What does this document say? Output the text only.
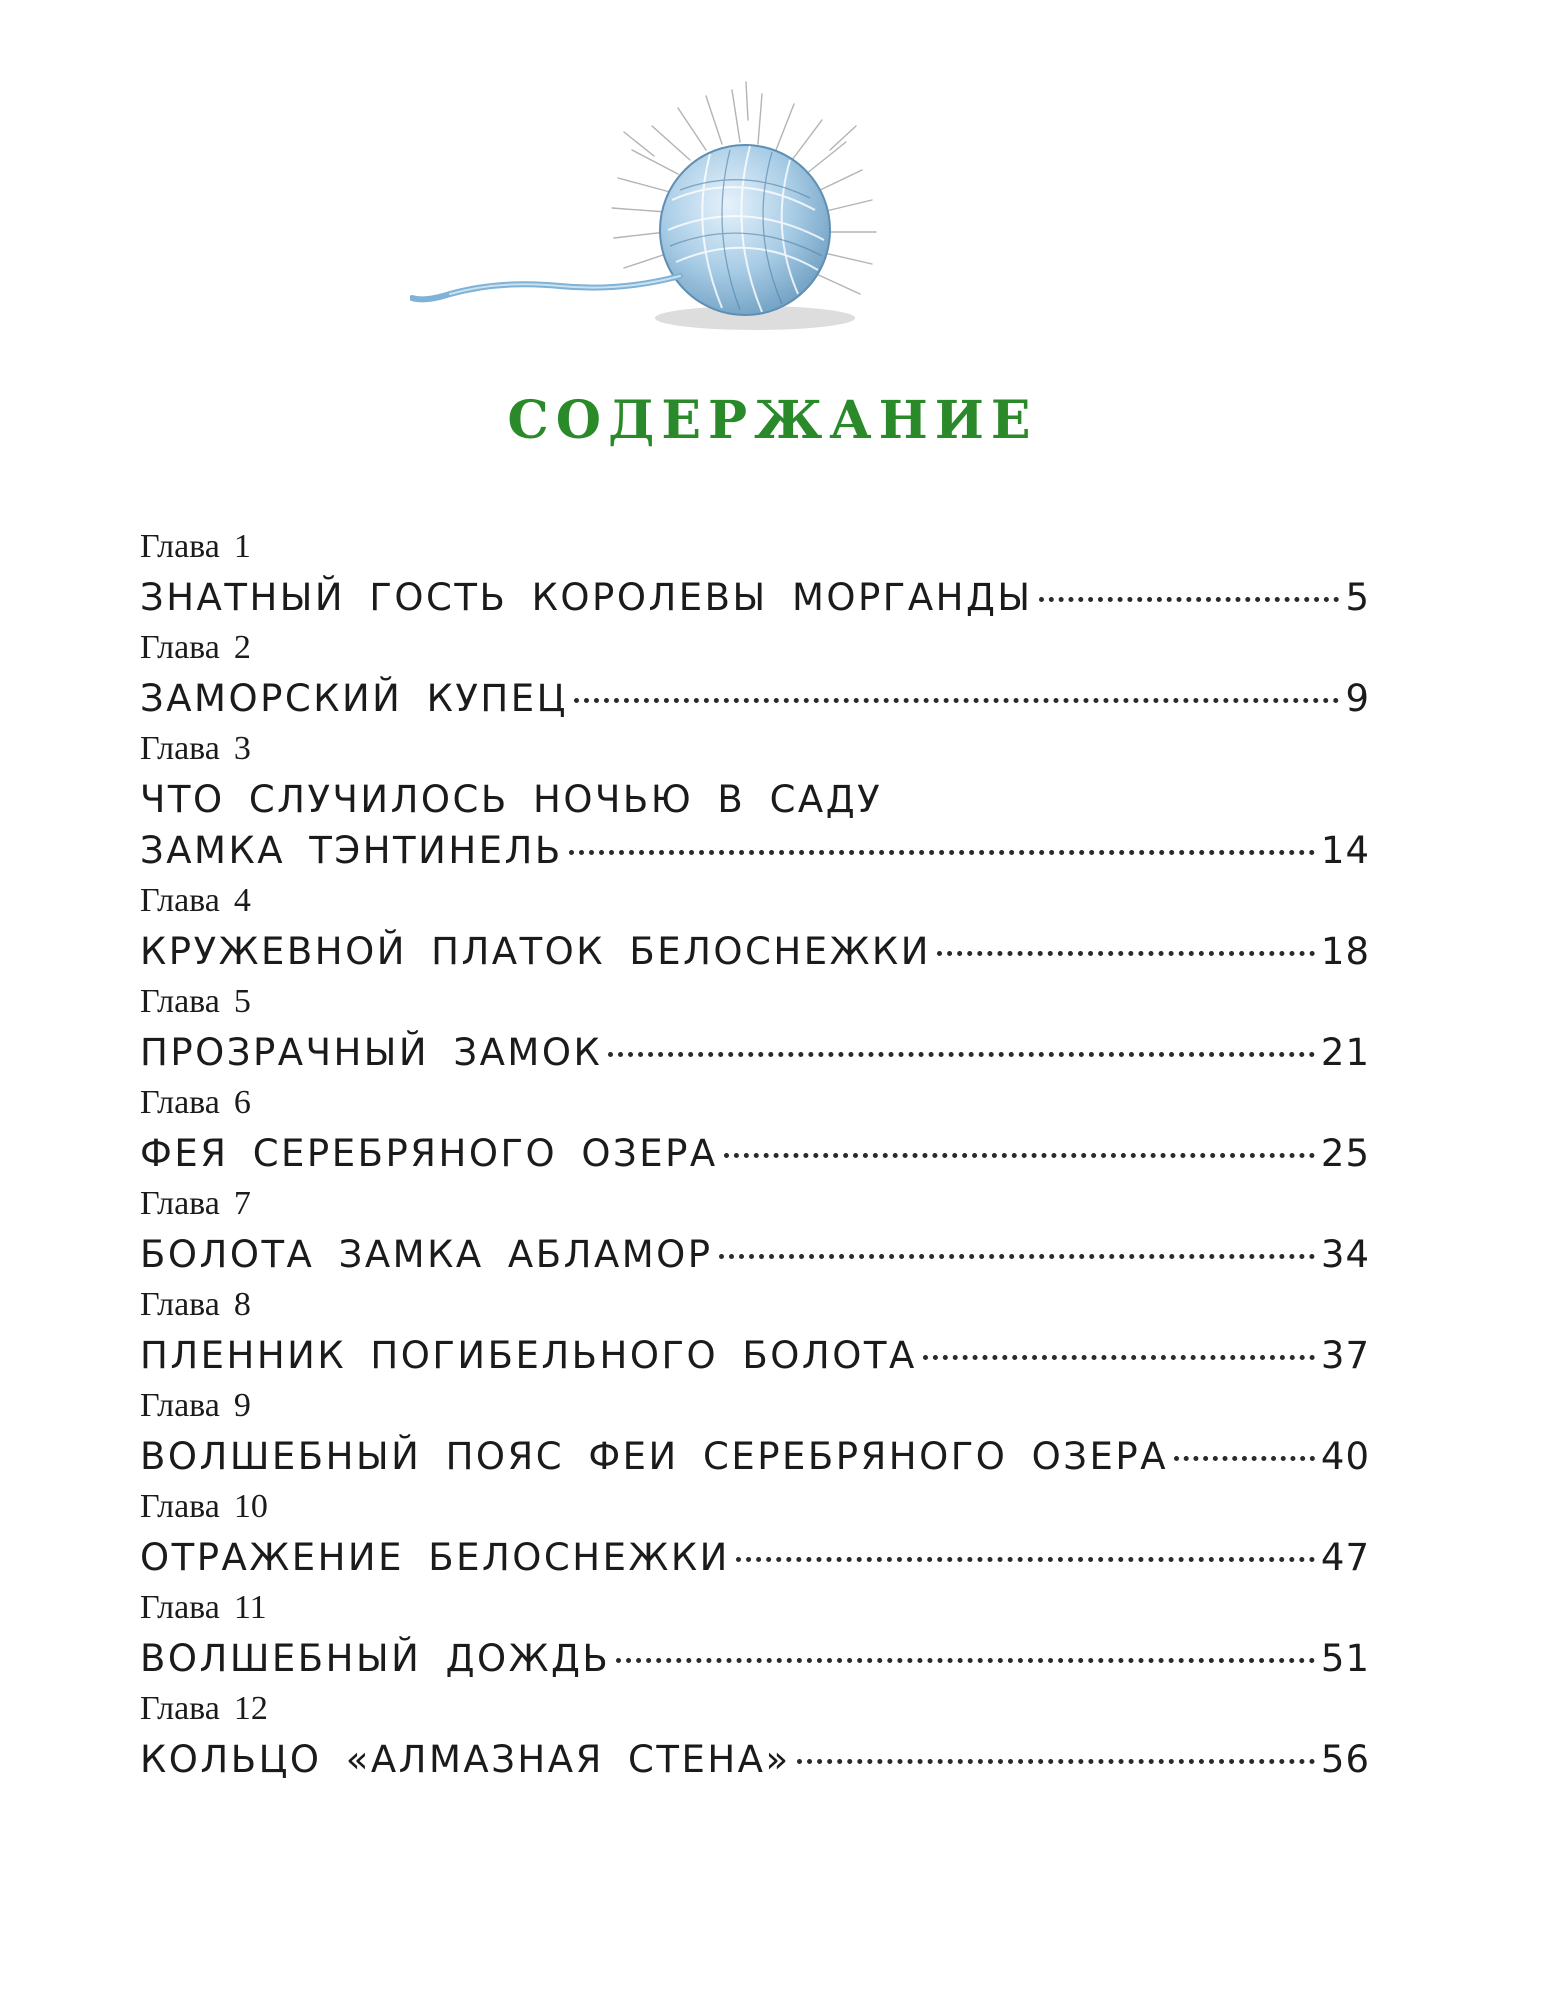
СОДЕРЖАНИЕ
Глава 1
ЗНАТНЫЙ ГОСТЬ КОРОЛЕВЫ МОРГАНДЫ	5
Глава 2
ЗАМОРСКИЙ КУПЕЦ	9
Глава 3
ЧТО СЛУЧИЛОСЬ НОЧЬЮ В САДУ
ЗАМКА ТЭНТИНЕЛЬ	14
Глава 4
КРУЖЕВНОЙ ПЛАТОК БЕЛОСНЕЖКИ	18
Глава 5
ПРОЗРАЧНЫЙ ЗАМОК	21
Глава 6
ФЕЯ СЕРЕБРЯНОГО ОЗЕРА	25
Глава 7
БОЛОТА ЗАМКА АБЛАМОР	34
Глава 8
ПЛЕННИК ПОГИБЕЛЬНОГО БОЛОТА	37
Глава 9
ВОЛШЕБНЫЙ ПОЯС ФЕИ СЕРЕБРЯНОГО ОЗЕРА	40
Глава 10
ОТРАЖЕНИЕ БЕЛОСНЕЖКИ	47
Глава 11
ВОЛШЕБНЫЙ ДОЖДЬ	51
Глава 12
КОЛЬЦО «АЛМАЗНАЯ СТЕНА»	56
